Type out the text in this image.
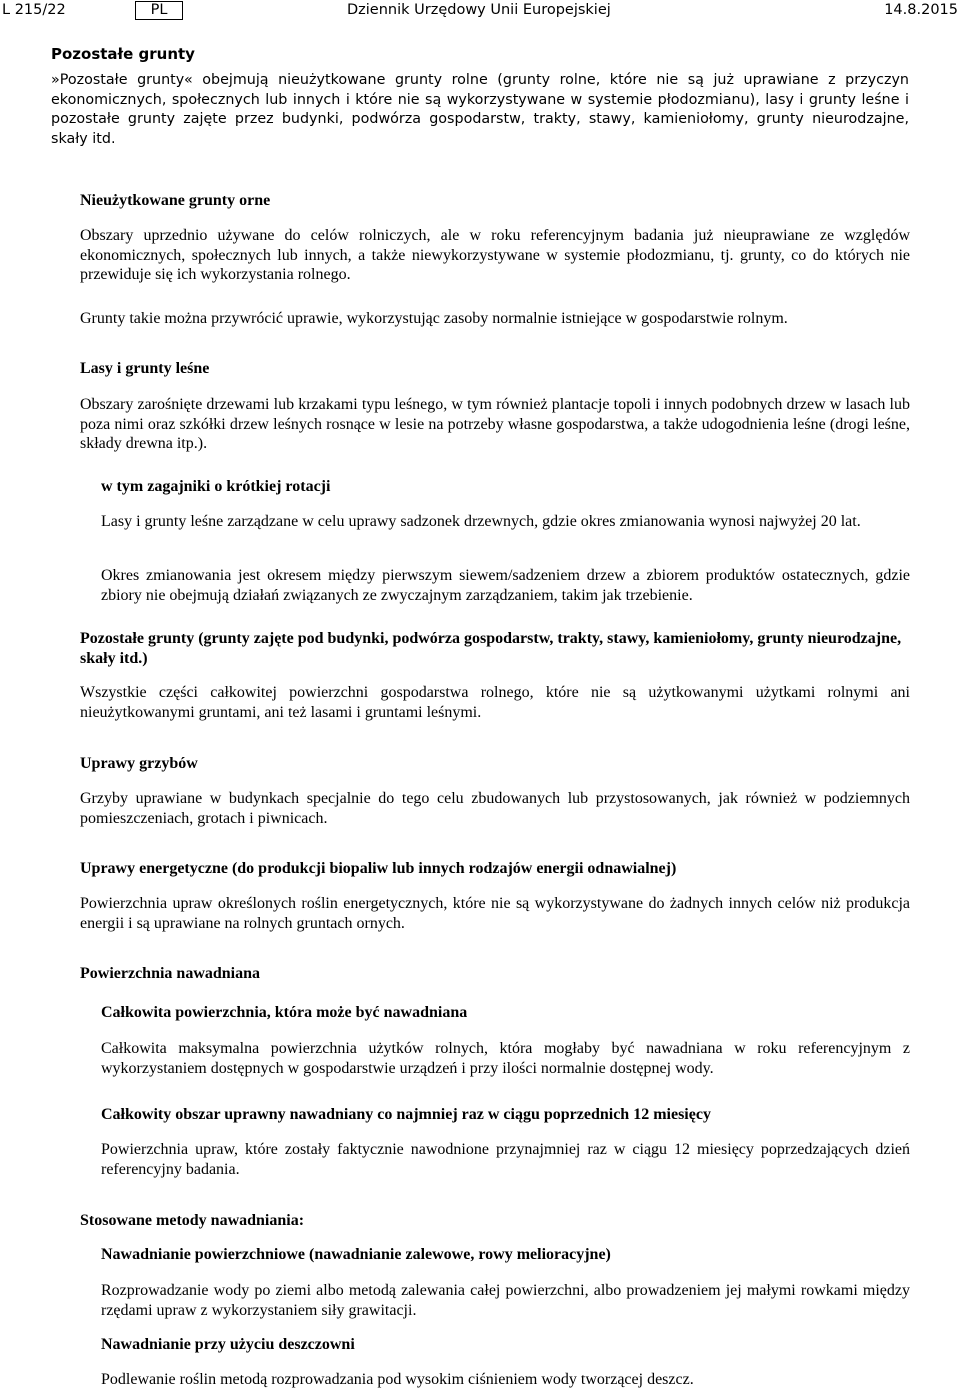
L 215/22	PL	Dziennik Urzędowy Unii Europejskiej	14.8.2015
Pozostałe grunty

»Pozostałe grunty« obejmują nieużytkowane grunty rolne (grunty rolne, które nie są już uprawiane z przyczyn ekonomicznych, społecznych lub innych i które nie są wykorzystywane w systemie płodozmianu), lasy i grunty leśne i pozostałe grunty zajęte przez budynki, podwórza gospodarstw, trakty, stawy, kamieniołomy, grunty nieurodzajne, skały itd.

Nieużytkowane grunty orne

Obszary uprzednio używane do celów rolniczych, ale w roku referencyjnym badania już nieuprawiane ze względów ekonomicznych, społecznych lub innych, a także niewykorzystywane w systemie płodozmianu, tj. grunty, co do których nie przewiduje się ich wykorzystania rolnego.

Grunty takie można przywrócić uprawie, wykorzystując zasoby normalnie istniejące w gospodarstwie rolnym.

Lasy i grunty leśne

Obszary zarośnięte drzewami lub krzakami typu leśnego, w tym również plantacje topoli i innych podobnych drzew w lasach lub poza nimi oraz szkółki drzew leśnych rosnące w lesie na potrzeby własne gospodarstwa, a także udogodnienia leśne (drogi leśne, składy drewna itp.).

w tym zagajniki o krótkiej rotacji

Lasy i grunty leśne zarządzane w celu uprawy sadzonek drzewnych, gdzie okres zmianowania wynosi najwyżej 20 lat.

Okres zmianowania jest okresem między pierwszym siewem/sadzeniem drzew a zbiorem produktów ostatecznych, gdzie zbiory nie obejmują działań związanych ze zwyczajnym zarządzaniem, takim jak trzebienie.

Pozostałe grunty (grunty zajęte pod budynki, podwórza gospodarstw, trakty, stawy, kamieniołomy, grunty nieurodzajne, skały itd.)

Wszystkie części całkowitej powierzchni gospodarstwa rolnego, które nie są użytkowanymi użytkami rolnymi ani nieużytkowanymi gruntami, ani też lasami i gruntami leśnymi.

Uprawy grzybów

Grzyby uprawiane w budynkach specjalnie do tego celu zbudowanych lub przystosowanych, jak również w podziemnych pomieszczeniach, grotach i piwnicach.

Uprawy energetyczne (do produkcji biopaliw lub innych rodzajów energii odnawialnej)

Powierzchnia upraw określonych roślin energetycznych, które nie są wykorzystywane do żadnych innych celów niż produkcja energii i są uprawiane na rolnych gruntach ornych.

Powierzchnia nawadniana

Całkowita powierzchnia, która może być nawadniana

Całkowita maksymalna powierzchnia użytków rolnych, która mogłaby być nawadniana w roku referencyjnym z wykorzystaniem dostępnych w gospodarstwie urządzeń i przy ilości normalnie dostępnej wody.

Całkowity obszar uprawny nawadniany co najmniej raz w ciągu poprzednich 12 miesięcy

Powierzchnia upraw, które zostały faktycznie nawodnione przynajmniej raz w ciągu 12 miesięcy poprzedzających dzień referencyjny badania.

Stosowane metody nawadniania:

Nawadnianie powierzchniowe (nawadnianie zalewowe, rowy melioracyjne)

Rozprowadzanie wody po ziemi albo metodą zalewania całej powierzchni, albo prowadzeniem jej małymi rowkami między rzędami upraw z wykorzystaniem siły grawitacji.

Nawadnianie przy użyciu deszczowni

Podlewanie roślin metodą rozprowadzania pod wysokim ciśnieniem wody tworzącej deszcz.
